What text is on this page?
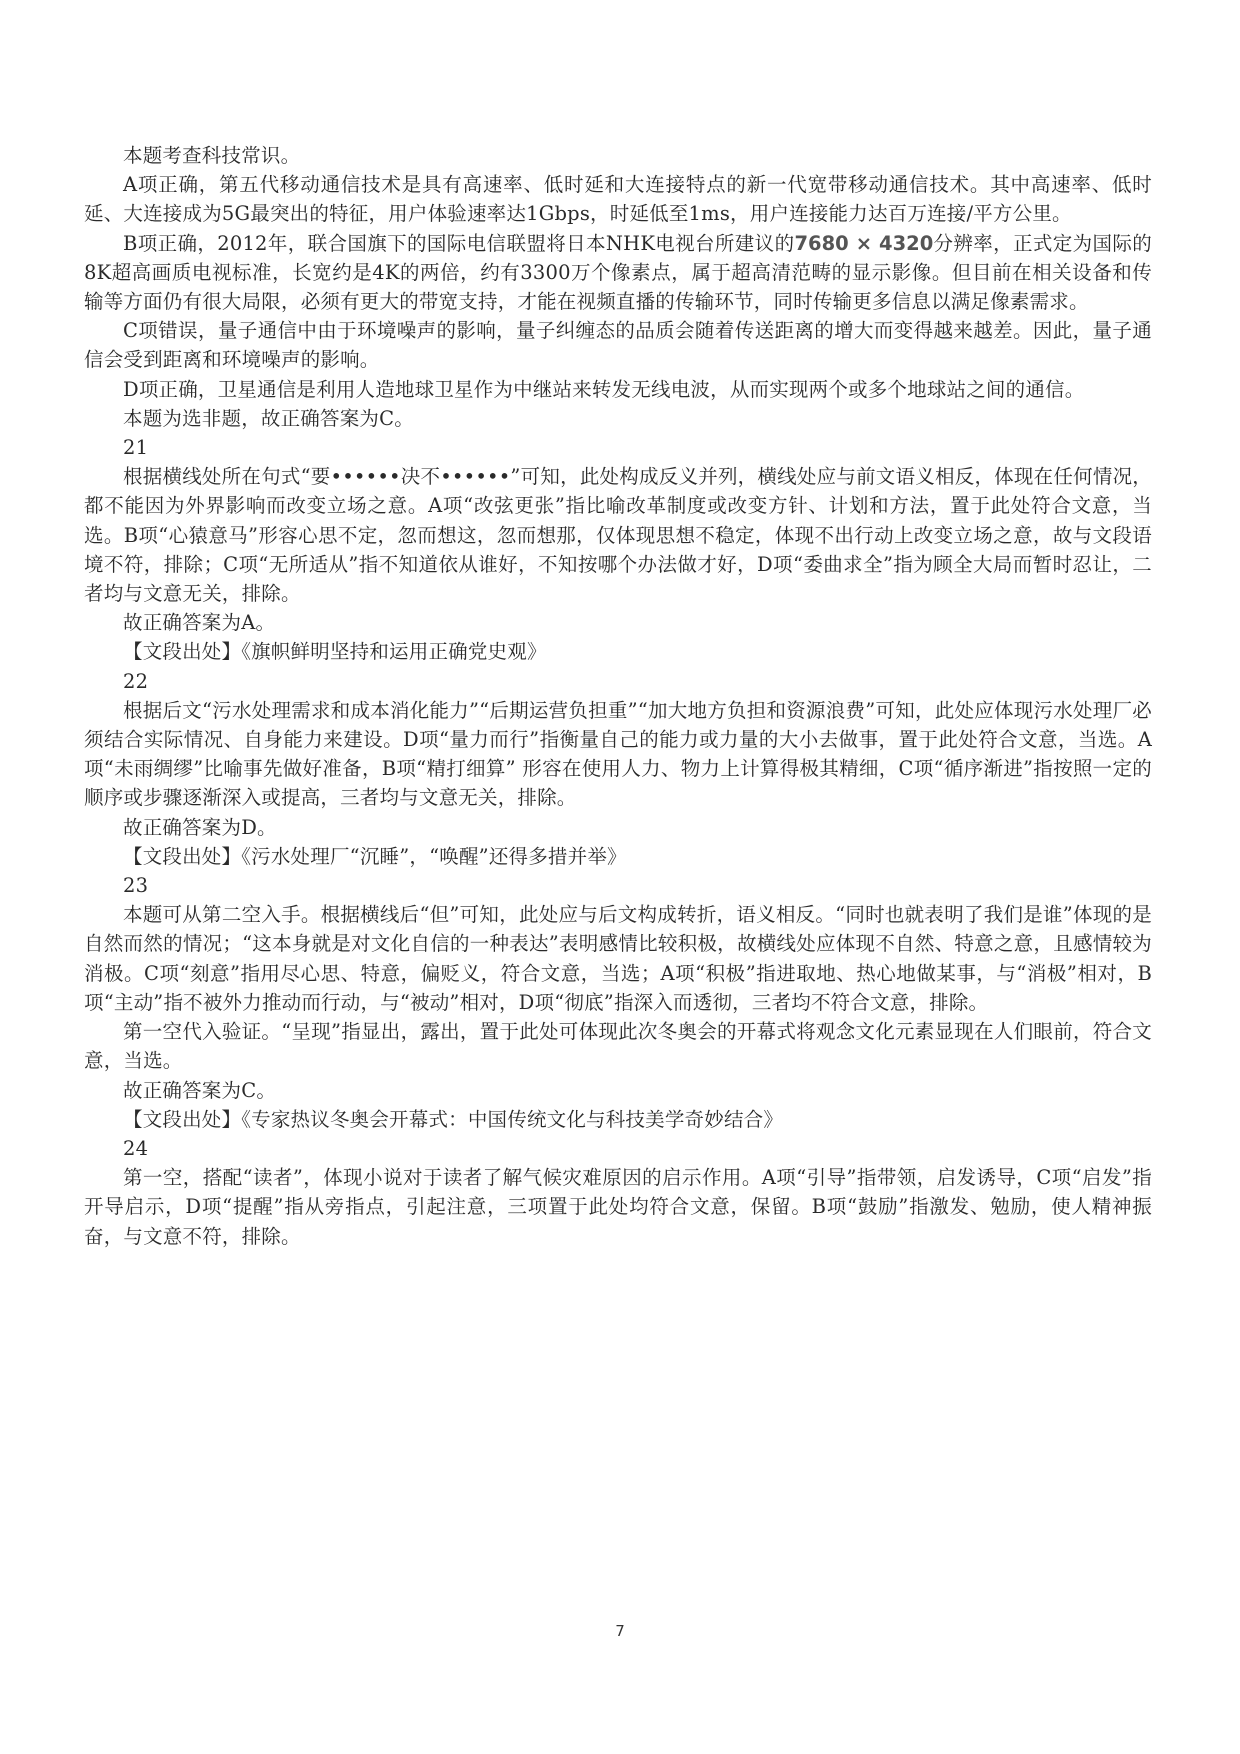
本题考查科技常识。

A项正确，第五代移动通信技术是具有高速率、低时延和大连接特点的新一代宽带移动通信技术。其中高速率、低时延、大连接成为5G最突出的特征，用户体验速率达1Gbps，时延低至1ms，用户连接能力达百万连接/平方公里。

B项正确，2012年，联合国旗下的国际电信联盟将日本NHK电视台所建议的7680 × 4320分辨率，正式定为国际的8K超高画质电视标准，长宽约是4K的两倍，约有3300万个像素点，属于超高清范畴的显示影像。但目前在相关设备和传输等方面仍有很大局限，必须有更大的带宽支持，才能在视频直播的传输环节，同时传输更多信息以满足像素需求。

C项错误，量子通信中由于环境噪声的影响，量子纠缠态的品质会随着传送距离的增大而变得越来越差。因此，量子通信会受到距离和环境噪声的影响。

D项正确，卫星通信是利用人造地球卫星作为中继站来转发无线电波，从而实现两个或多个地球站之间的通信。

本题为选非题，故正确答案为C。

21

根据横线处所在句式“要••••••决不••••••”可知，此处构成反义并列，横线处应与前文语义相反，体现在任何情况，都不能因为外界影响而改变立场之意。A项“改弦更张”指比喻改革制度或改变方针、计划和方法，置于此处符合文意，当选。B项“心猿意马”形容心思不定，忽而想这，忽而想那，仅体现思想不稳定，体现不出行动上改变立场之意，故与文段语境不符，排除；C项“无所适从”指不知道依从谁好，不知按哪个办法做才好，D项“委曲求全”指为顾全大局而暂时忍让，二者均与文意无关，排除。

故正确答案为A。

【文段出处】《旗帜鲜明坚持和运用正确党史观》

22

根据后文“污水处理需求和成本消化能力”“后期运营负担重”“加大地方负担和资源浪费”可知，此处应体现污水处理厂必须结合实际情况、自身能力来建设。D项“量力而行”指衡量自己的能力或力量的大小去做事，置于此处符合文意，当选。A项“未雨绸缪”比喻事先做好准备，B项“精打细算” 形容在使用人力、物力上计算得极其精细，C项“循序渐进”指按照一定的顺序或步骤逐渐深入或提高，三者均与文意无关，排除。

故正确答案为D。

【文段出处】《污水处理厂“沉睡”，“唤醒”还得多措并举》

23

本题可从第二空入手。根据横线后“但”可知，此处应与后文构成转折，语义相反。“同时也就表明了我们是谁”体现的是自然而然的情况；“这本身就是对文化自信的一种表达”表明感情比较积极，故横线处应体现不自然、特意之意，且感情较为消极。C项“刻意”指用尽心思、特意，偏贬义，符合文意，当选；A项“积极”指进取地、热心地做某事，与“消极”相对，B项“主动”指不被外力推动而行动，与“被动”相对，D项“彻底”指深入而透彻，三者均不符合文意，排除。

第一空代入验证。“呈现”指显出，露出，置于此处可体现此次冬奥会的开幕式将观念文化元素显现在人们眼前，符合文意，当选。

故正确答案为C。

【文段出处】《专家热议冬奥会开幕式：中国传统文化与科技美学奇妙结合》

24

第一空，搭配“读者”，体现小说对于读者了解气候灾难原因的启示作用。A项“引导”指带领，启发诱导，C项“启发”指开导启示，D项“提醒”指从旁指点，引起注意，三项置于此处均符合文意，保留。B项“鼓励”指激发、勉励，使人精神振奋，与文意不符，排除。

7
